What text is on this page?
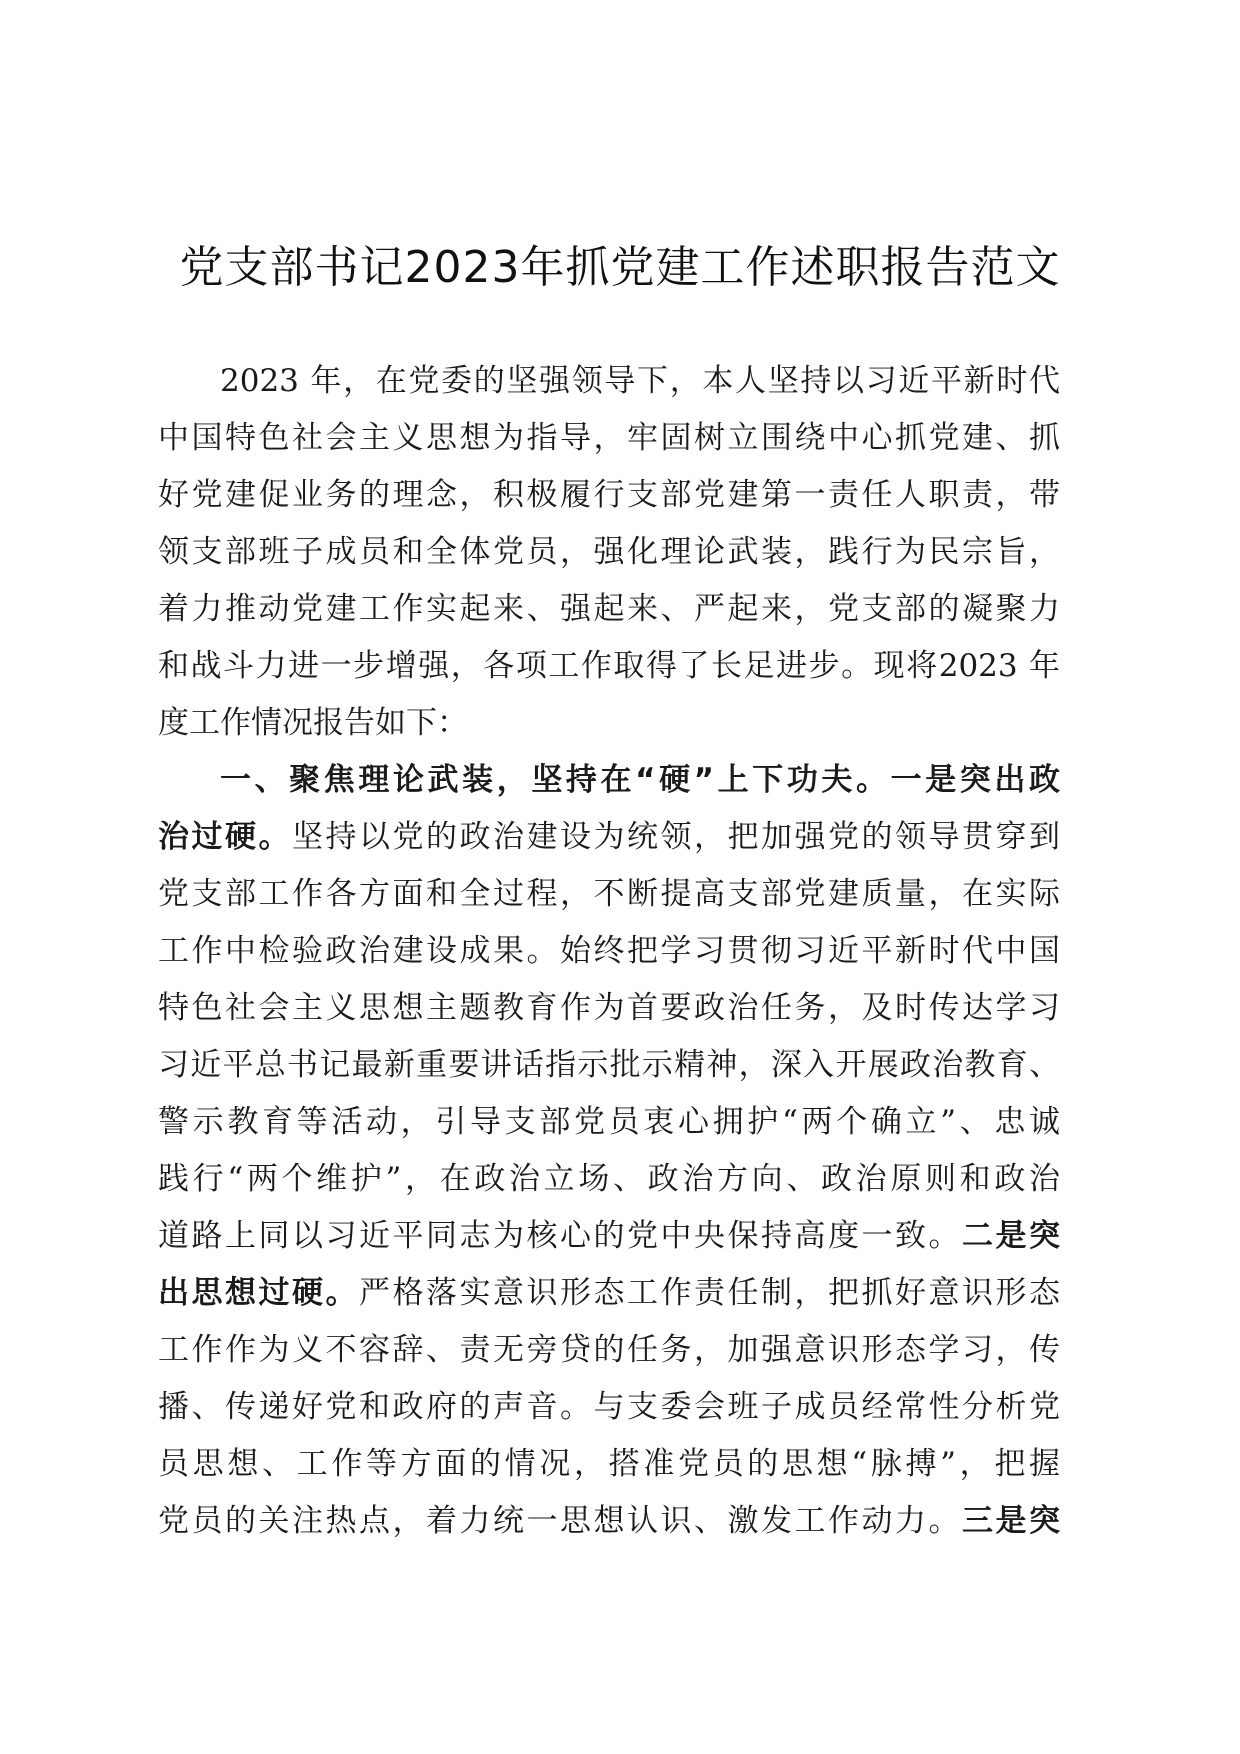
党支部书记2023年抓党建工作述职报告范文
2023 年，在党委的坚强领导下，本人坚持以习近平新时代
中国特色社会主义思想为指导，牢固树立围绕中心抓党建、抓
好党建促业务的理念，积极履行支部党建第一责任人职责，带
领支部班子成员和全体党员，强化理论武装，践行为民宗旨，
着力推动党建工作实起来、强起来、严起来，党支部的凝聚力
和战斗力进一步增强，各项工作取得了长足进步。现将2023 年
度工作情况报告如下：
一、聚焦理论武装，坚持在“硬”上下功夫。一是突出政
治过硬。坚持以党的政治建设为统领，把加强党的领导贯穿到
党支部工作各方面和全过程，不断提高支部党建质量，在实际
工作中检验政治建设成果。始终把学习贯彻习近平新时代中国
特色社会主义思想主题教育作为首要政治任务，及时传达学习
习近平总书记最新重要讲话指示批示精神，深入开展政治教育、
警示教育等活动，引导支部党员衷心拥护“两个确立”、忠诚
践行“两个维护”，在政治立场、政治方向、政治原则和政治
道路上同以习近平同志为核心的党中央保持高度一致。二是突
出思想过硬。严格落实意识形态工作责任制，把抓好意识形态
工作作为义不容辞、责无旁贷的任务，加强意识形态学习，传
播、传递好党和政府的声音。与支委会班子成员经常性分析党
员思想、工作等方面的情况，搭准党员的思想“脉搏”，把握
党员的关注热点，着力统一思想认识、激发工作动力。三是突
